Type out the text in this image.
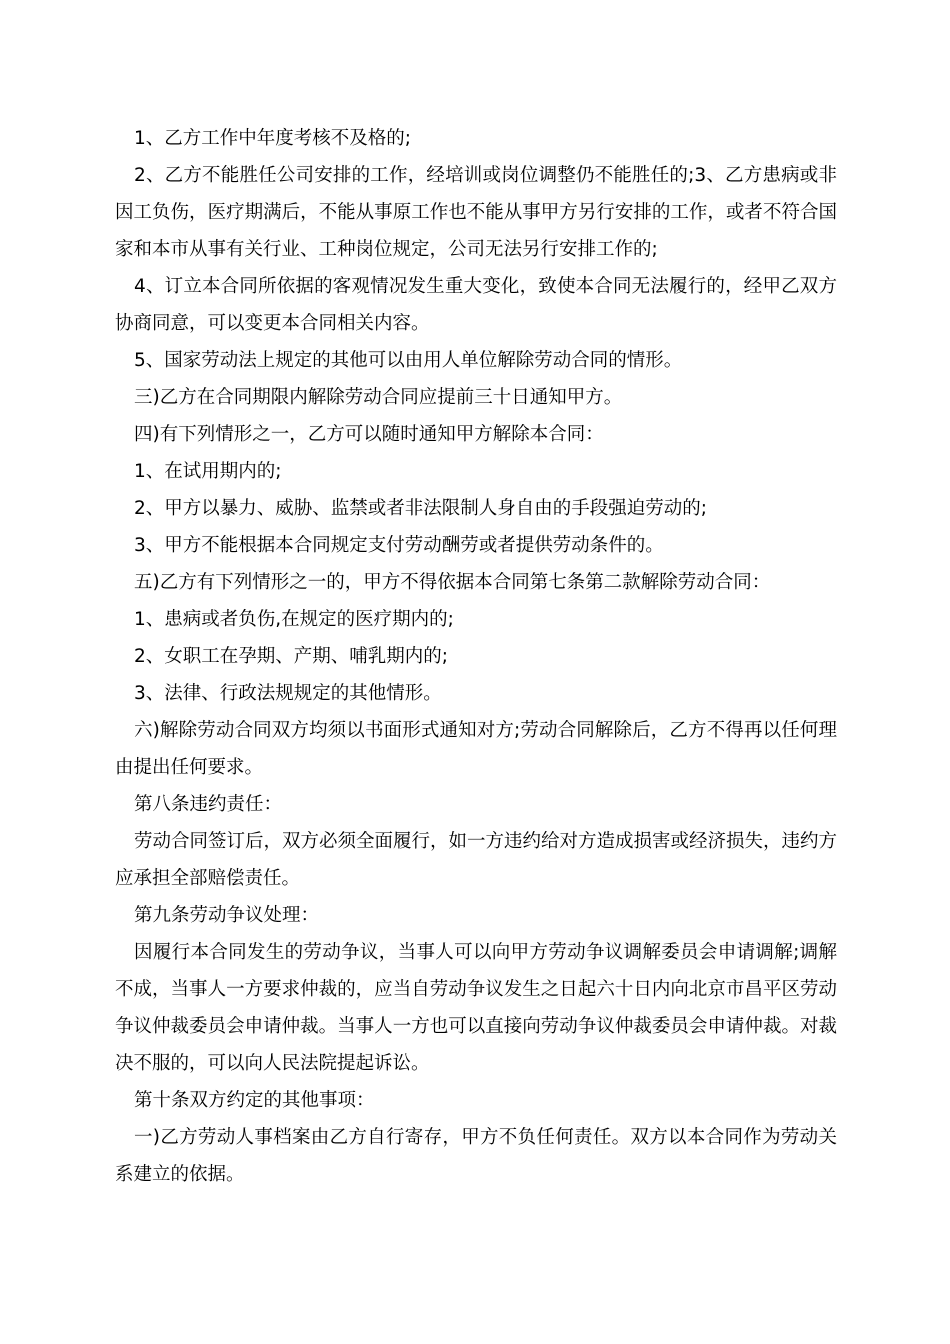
1、乙方工作中年度考核不及格的;

2、乙方不能胜任公司安排的工作，经培训或岗位调整仍不能胜任的;3、乙方患病或非因工负伤，医疗期满后，不能从事原工作也不能从事甲方另行安排的工作，或者不符合国家和本市从事有关行业、工种岗位规定，公司无法另行安排工作的;

4、订立本合同所依据的客观情况发生重大变化，致使本合同无法履行的，经甲乙双方协商同意，可以变更本合同相关内容。

5、国家劳动法上规定的其他可以由用人单位解除劳动合同的情形。

三)乙方在合同期限内解除劳动合同应提前三十日通知甲方。

四)有下列情形之一，乙方可以随时通知甲方解除本合同：

1、在试用期内的;

2、甲方以暴力、威胁、监禁或者非法限制人身自由的手段强迫劳动的;

3、甲方不能根据本合同规定支付劳动酬劳或者提供劳动条件的。

五)乙方有下列情形之一的，甲方不得依据本合同第七条第二款解除劳动合同：

1、患病或者负伤,在规定的医疗期内的;

2、女职工在孕期、产期、哺乳期内的;

3、法律、行政法规规定的其他情形。

六)解除劳动合同双方均须以书面形式通知对方;劳动合同解除后，乙方不得再以任何理由提出任何要求。

第八条违约责任：

劳动合同签订后，双方必须全面履行，如一方违约给对方造成损害或经济损失，违约方应承担全部赔偿责任。

第九条劳动争议处理：

因履行本合同发生的劳动争议，当事人可以向甲方劳动争议调解委员会申请调解;调解不成，当事人一方要求仲裁的，应当自劳动争议发生之日起六十日内向北京市昌平区劳动争议仲裁委员会申请仲裁。当事人一方也可以直接向劳动争议仲裁委员会申请仲裁。对裁决不服的，可以向人民法院提起诉讼。

第十条双方约定的其他事项：

一)乙方劳动人事档案由乙方自行寄存，甲方不负任何责任。双方以本合同作为劳动关系建立的依据。
